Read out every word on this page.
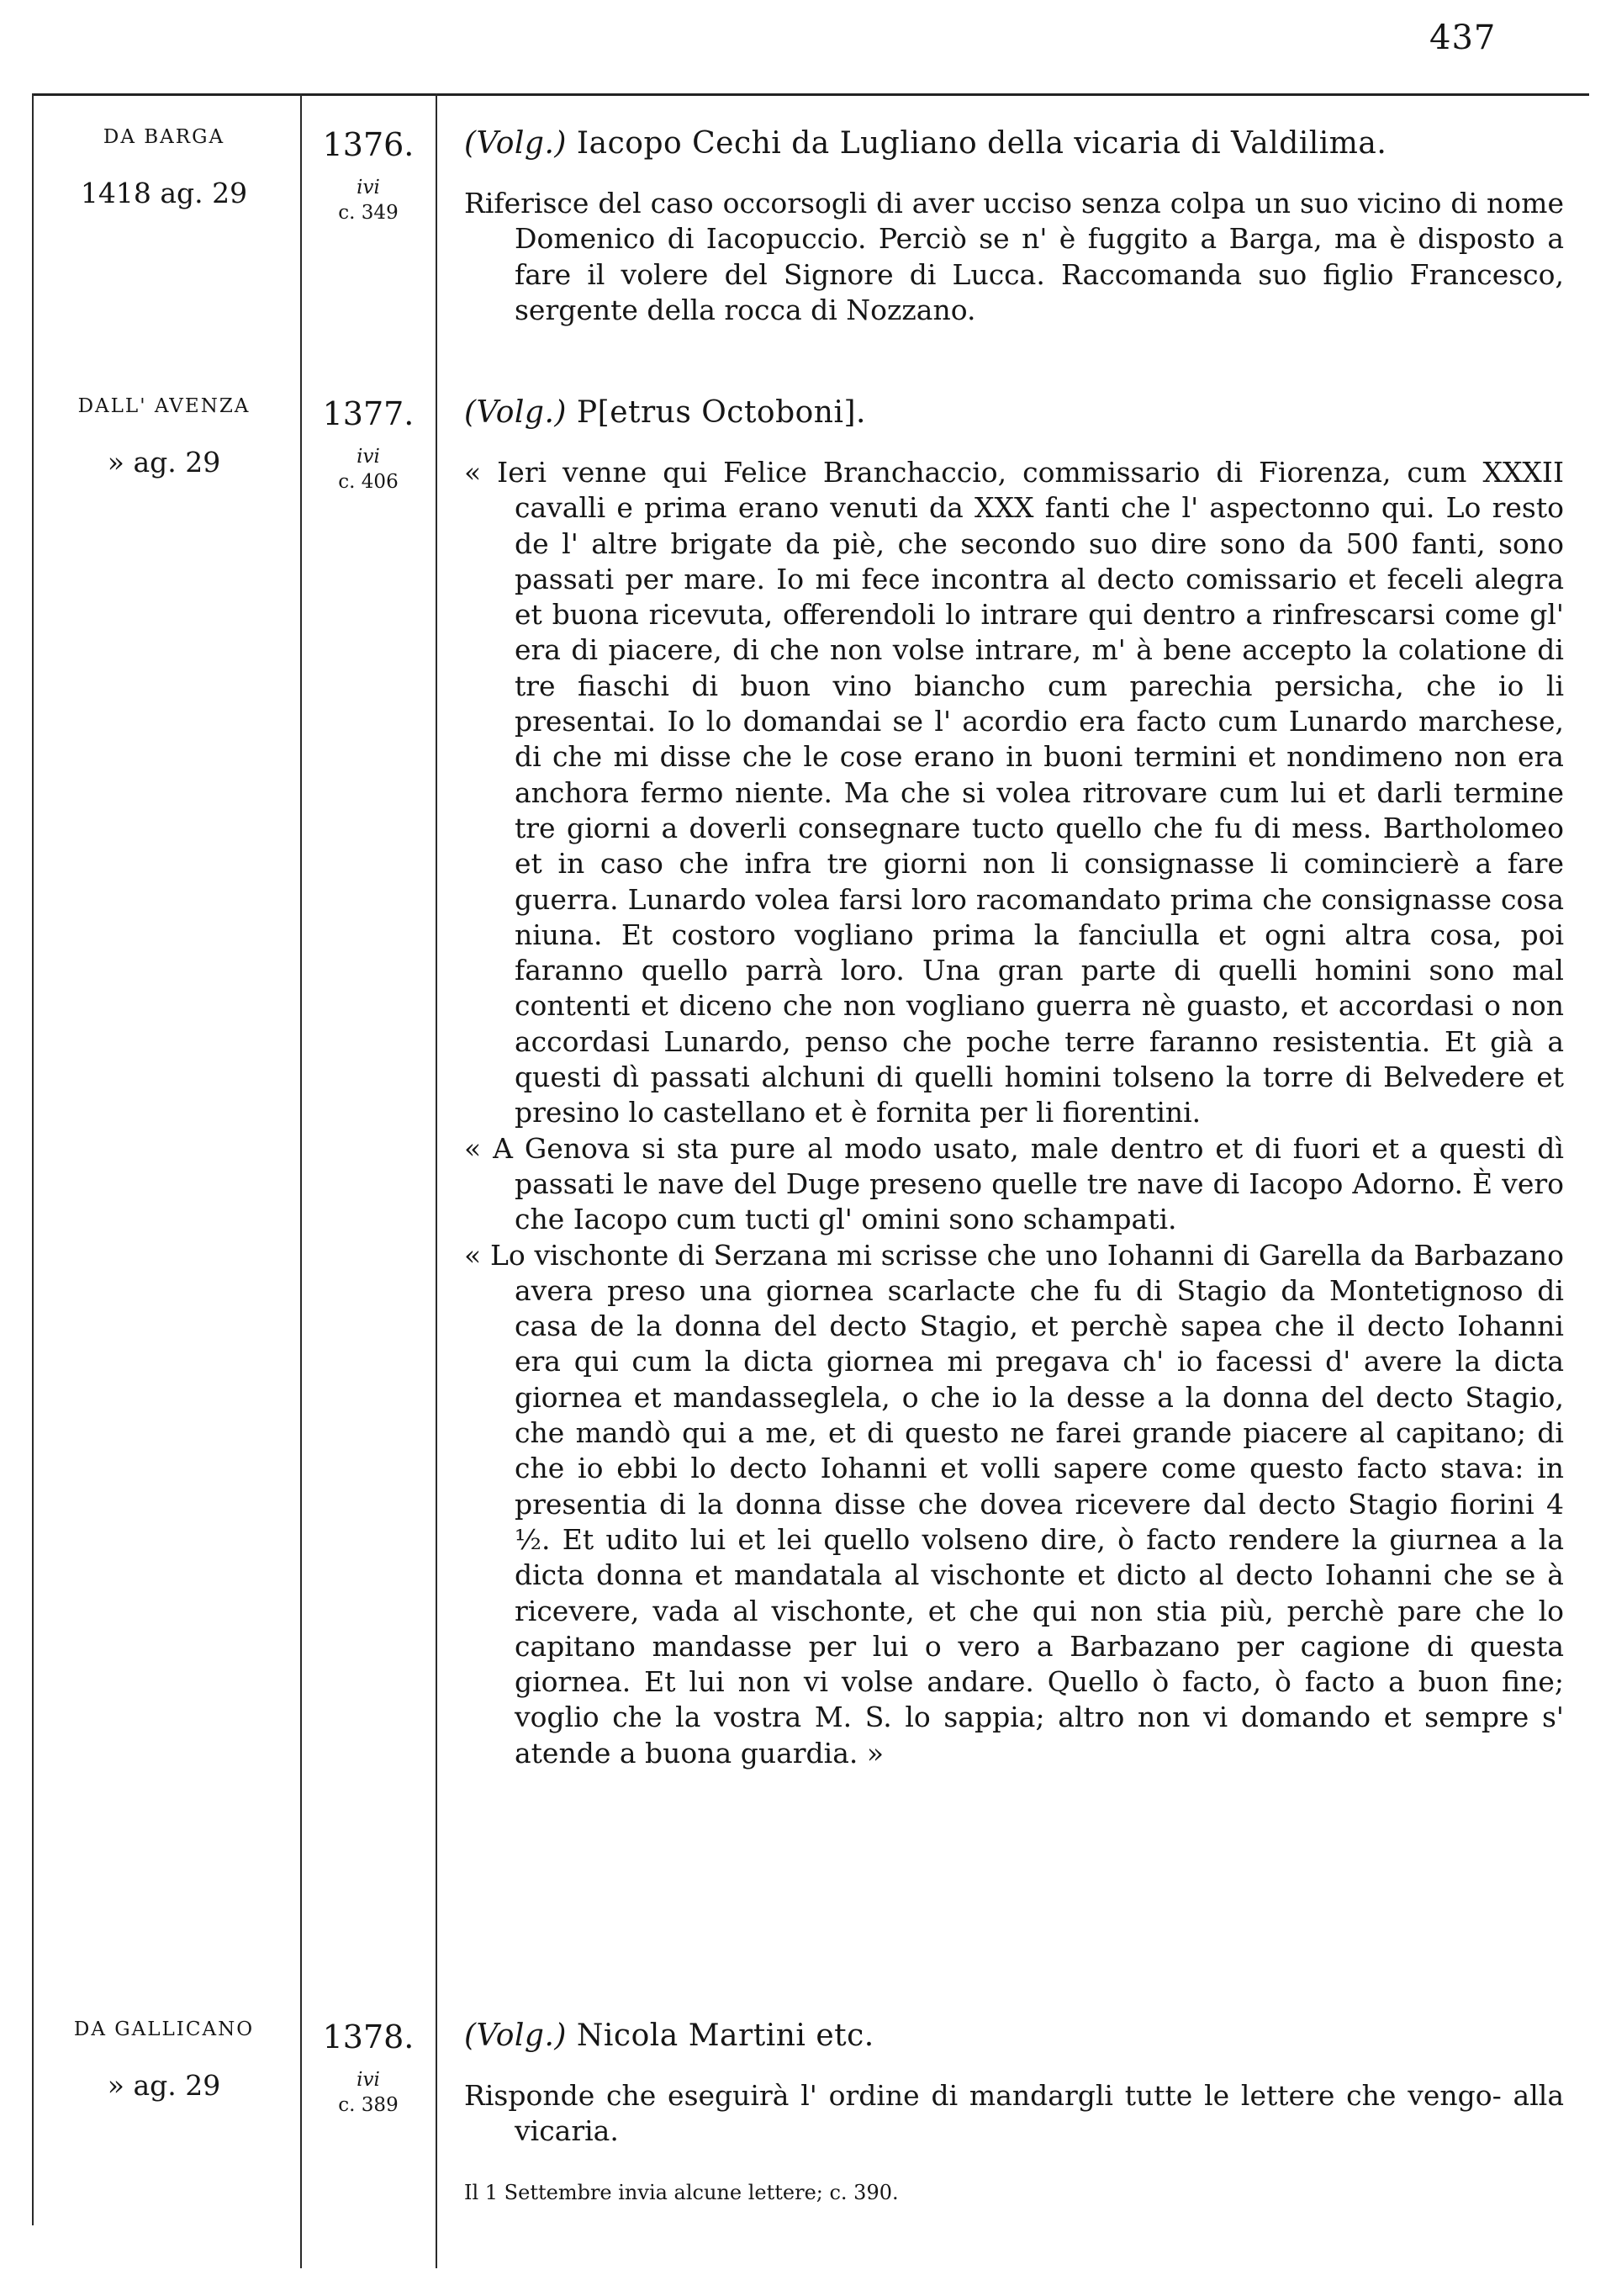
437
DA BARGA
1418 ag. 29
1376.
ivi
c. 349
(Volg.) Iacopo Cechi da Lugliano della vicaria di Valdilima.

Riferisce del caso occorsogli di aver ucciso senza colpa un suo vicino di nome Domenico di Iacopuccio. Perciò se n' è fuggito a Barga, ma è disposto a fare il volere del Signore di Lucca. Raccomanda suo figlio Francesco, sergente della rocca di Nozzano.

DALL' AVENZA
» ag. 29
1377.
ivi
c. 406
(Volg.) P[etrus Octoboni].

« Ieri venne qui Felice Branchaccio, commissario di Fiorenza, cum XXXII cavalli e prima erano venuti da XXX fanti che l' aspectonno qui. Lo resto de l' altre brigate da piè, che secondo suo dire sono da 500 fanti, sono passati per mare. Io mi fece incontra al decto comissario et feceli alegra et buona ricevuta, offerendoli lo intrare qui dentro a rinfrescarsi come gl' era di piacere, di che non volse intrare, m' à bene accepto la colatione di tre fiaschi di buon vino biancho cum parechia persicha, che io li presentai. Io lo domandai se l' acordio era facto cum Lunardo marchese, di che mi disse che le cose erano in buoni termini et nondimeno non era anchora fermo niente. Ma che si volea ritrovare cum lui et darli termine tre giorni a doverli consegnare tucto quello che fu di mess. Bartholomeo et in caso che infra tre giorni non li consignasse li comincierè a fare guerra. Lunardo volea farsi loro racomandato prima che consignasse cosa niuna. Et costoro vogliano prima la fanciulla et ogni altra cosa, poi faranno quello parrà loro. Una gran parte di quelli homini sono mal contenti et diceno che non vogliano guerra nè guasto, et accordasi o non accordasi Lunardo, penso che poche terre faranno resistentia. Et già a questi dì passati alchuni di quelli homini tolseno la torre di Belvedere et presino lo castellano et è fornita per li fiorentini.

« A Genova si sta pure al modo usato, male dentro et di fuori et a questi dì passati le nave del Duge preseno quelle tre nave di Iacopo Adorno. È vero che Iacopo cum tucti gl' omini sono schampati.

« Lo vischonte di Serzana mi scrisse che uno Iohanni di Garella da Barbazano avera preso una giornea scarlacte che fu di Stagio da Montetignoso di casa de la donna del decto Stagio, et perchè sapea che il decto Iohanni era qui cum la dicta giornea mi pregava ch' io facessi d' avere la dicta giornea et mandasseglela, o che io la desse a la donna del decto Stagio, che mandò qui a me, et di questo ne farei grande piacere al capitano; di che io ebbi lo decto Iohanni et volli sapere come questo facto stava: in presentia di la donna disse che dovea ricevere dal decto Stagio fiorini 4 ½. Et udito lui et lei quello volseno dire, ò facto rendere la giurnea a la dicta donna et mandatala al vischonte et dicto al decto Iohanni che se à ricevere, vada al vischonte, et che qui non stia più, perchè pare che lo capitano mandasse per lui o vero a Barbazano per cagione di questa giornea. Et lui non vi volse andare. Quello ò facto, ò facto a buon fine; voglio che la vostra M. S. lo sappia; altro non vi domando et sempre s' atende a buona guardia. »

DA GALLICANO
» ag. 29
1378.
ivi
c. 389
(Volg.) Nicola Martini etc.

Risponde che eseguirà l' ordine di mandargli tutte le lettere che vengo- alla vicaria.

Il 1 Settembre invia alcune lettere; c. 390.
